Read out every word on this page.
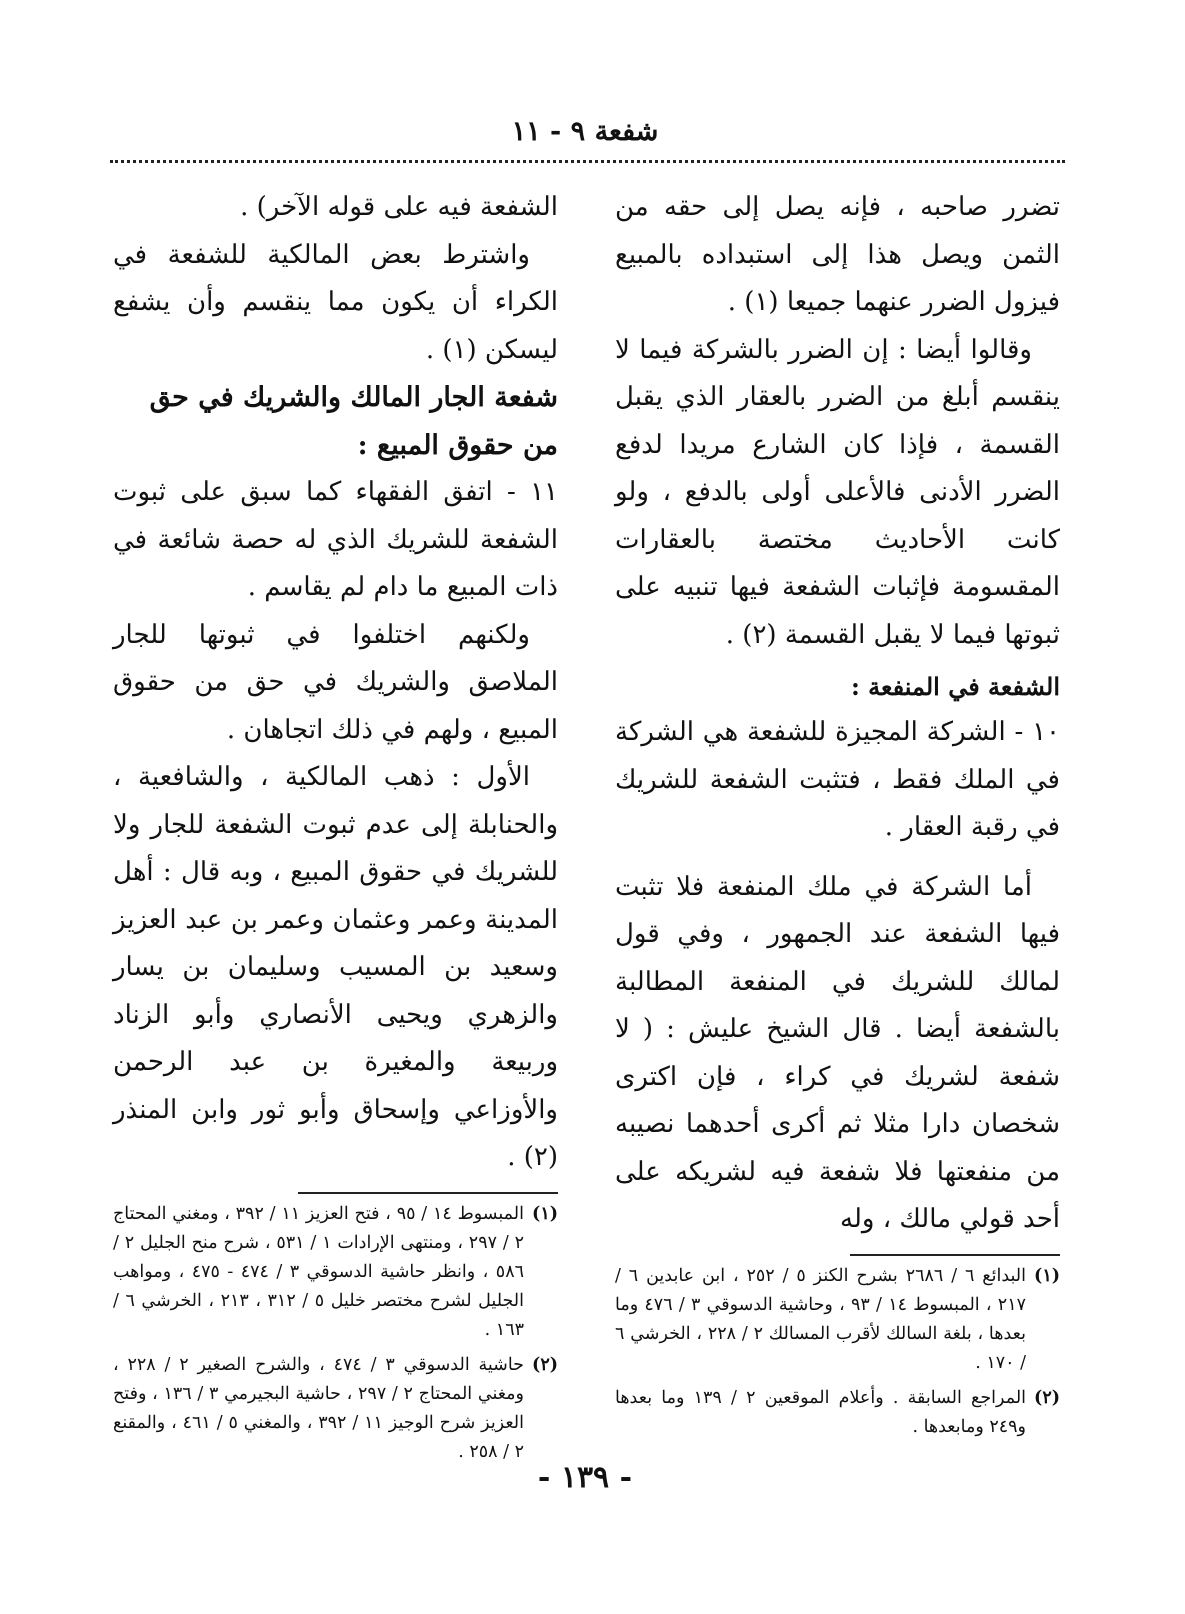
شفعة ٩ - ١١

تضرر صاحبه ، فإنه يصل إلى حقه من الثمن ويصل هذا إلى استبداده بالمبيع فيزول الضرر عنهما جميعا (١) .

وقالوا أيضا : إن الضرر بالشركة فيما لا ينقسم أبلغ من الضرر بالعقار الذي يقبل القسمة ، فإذا كان الشارع مريدا لدفع الضرر الأدنى فالأعلى أولى بالدفع ، ولو كانت الأحاديث مختصة بالعقارات المقسومة فإثبات الشفعة فيها تنبيه على ثبوتها فيما لا يقبل القسمة (٢) .

الشفعة في المنفعة :

١٠ - الشركة المجيزة للشفعة هي الشركة في الملك فقط ، فتثبت الشفعة للشريك في رقبة العقار .

أما الشركة في ملك المنفعة فلا تثبت فيها الشفعة عند الجمهور ، وفي قول لمالك للشريك في المنفعة المطالبة بالشفعة أيضا . قال الشيخ عليش : ( لا شفعة لشريك في كراء ، فإن اكترى شخصان دارا مثلا ثم أكرى أحدهما نصيبه من منفعتها فلا شفعة فيه لشريكه على أحد قولي مالك ، وله

(١)
البدائع ٦ / ٢٦٨٦ بشرح الكنز ٥ / ٢٥٢ ، ابن عابدين ٦ / ٢١٧ ، المبسوط ١٤ / ٩٣ ، وحاشية الدسوقي ٣ / ٤٧٦ وما بعدها ، بلغة السالك لأقرب المسالك ٢ / ٢٢٨ ، الخرشي ٦ / ١٧٠ .
(٢)
المراجع السابقة . وأعلام الموقعين ٢ / ١٣٩ وما بعدها و٢٤٩ ومابعدها .

الشفعة فيه على قوله الآخر) .

واشترط بعض المالكية للشفعة في الكراء أن يكون مما ينقسم وأن يشفع ليسكن (١) .

شفعة الجار المالك والشريك في حق من حقوق المبيع :

١١ - اتفق الفقهاء كما سبق على ثبوت الشفعة للشريك الذي له حصة شائعة في ذات المبيع ما دام لم يقاسم .

ولكنهم اختلفوا في ثبوتها للجار الملاصق والشريك في حق من حقوق المبيع ، ولهم في ذلك اتجاهان .

الأول : ذهب المالكية ، والشافعية ، والحنابلة إلى عدم ثبوت الشفعة للجار ولا للشريك في حقوق المبيع ، وبه قال : أهل المدينة وعمر وعثمان وعمر بن عبد العزيز وسعيد بن المسيب وسليمان بن يسار والزهري ويحيى الأنصاري وأبو الزناد وربيعة والمغيرة بن عبد الرحمن والأوزاعي وإسحاق وأبو ثور وابن المنذر (٢) .

(١)
المبسوط ١٤ / ٩٥ ، فتح العزيز ١١ / ٣٩٢ ، ومغني المحتاج ٢ / ٢٩٧ ، ومنتهى الإرادات ١ / ٥٣١ ، شرح منح الجليل ٢ / ٥٨٦ ، وانظر حاشية الدسوقي ٣ / ٤٧٤ - ٤٧٥ ، ومواهب الجليل لشرح مختصر خليل ٥ / ٣١٢ ، ٢١٣ ، الخرشي ٦ / ١٦٣ .
(٢)
حاشية الدسوقي ٣ / ٤٧٤ ، والشرح الصغير ٢ / ٢٢٨ ، ومغني المحتاج ٢ / ٢٩٧ ، حاشية البجيرمي ٣ / ١٣٦ ، وفتح العزيز شرح الوجيز ١١ / ٣٩٢ ، والمغني ٥ / ٤٦١ ، والمقنع ٢ / ٢٥٨ .
- ١٣٩ -
